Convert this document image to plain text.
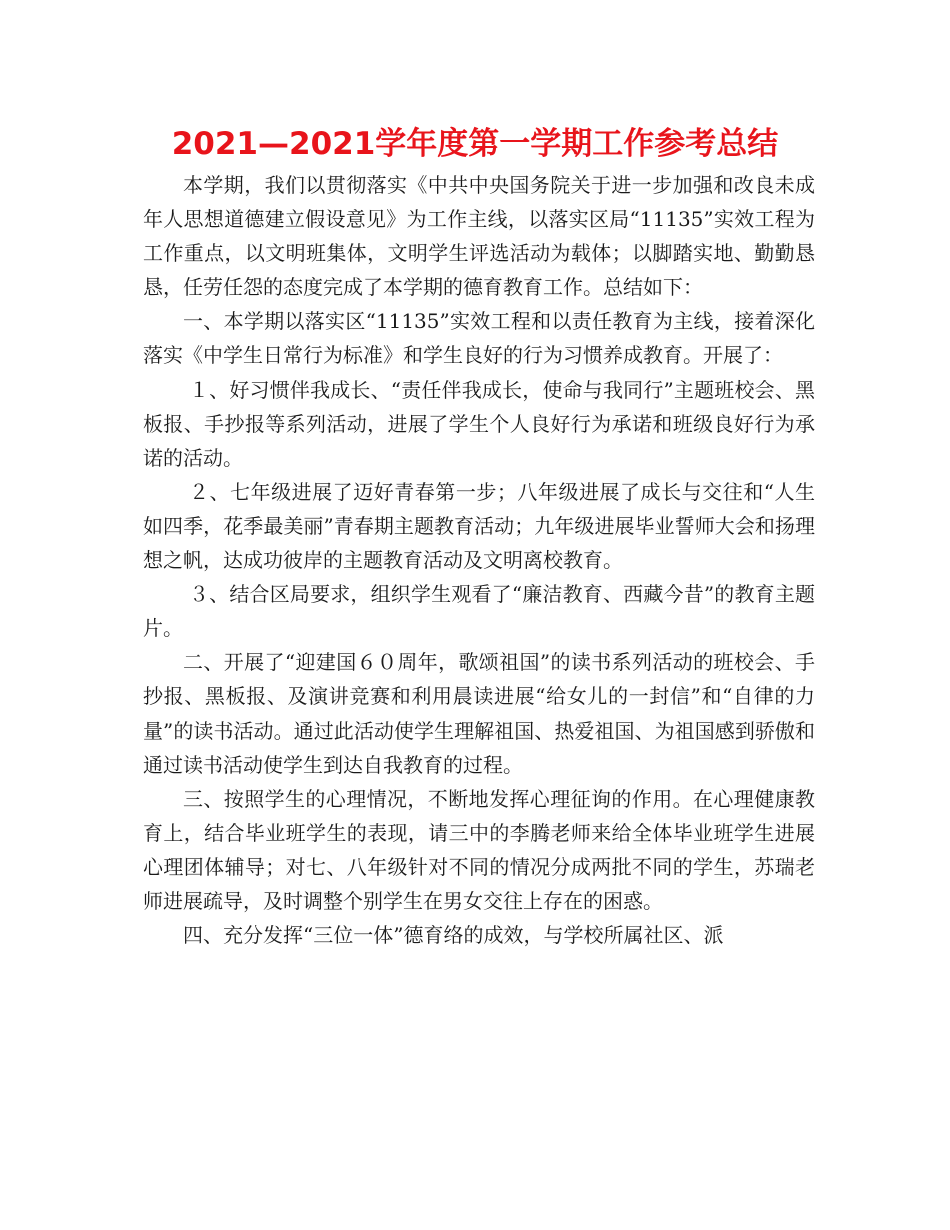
2021—2021学年度第一学期工作参考总结

本学期，我们以贯彻落实《中共中央国务院关于进一步加强和改良未成年人思想道德建立假设意见》为工作主线，以落实区局“11135”实效工程为工作重点，以文明班集体，文明学生评选活动为载体；以脚踏实地、勤勤恳恳，任劳任怨的态度完成了本学期的德育教育工作。总结如下：

一、本学期以落实区“11135”实效工程和以责任教育为主线，接着深化落实《中学生日常行为标准》和学生良好的行为习惯养成教育。开展了：

１、好习惯伴我成长、“责任伴我成长，使命与我同行”主题班校会、黑板报、手抄报等系列活动，进展了学生个人良好行为承诺和班级良好行为承诺的活动。

２、七年级进展了迈好青春第一步；八年级进展了成长与交往和“人生如四季，花季最美丽”青春期主题教育活动；九年级进展毕业誓师大会和扬理想之帆，达成功彼岸的主题教育活动及文明离校教育。

３、结合区局要求，组织学生观看了“廉洁教育、西藏今昔”的教育主题片。

二、开展了“迎建国６０周年，歌颂祖国”的读书系列活动的班校会、手抄报、黑板报、及演讲竞赛和利用晨读进展“给女儿的一封信”和“自律的力量”的读书活动。通过此活动使学生理解祖国、热爱祖国、为祖国感到骄傲和通过读书活动使学生到达自我教育的过程。

三、按照学生的心理情况，不断地发挥心理征询的作用。在心理健康教育上，结合毕业班学生的表现，请三中的李腾老师来给全体毕业班学生进展心理团体辅导；对七、八年级针对不同的情况分成两批不同的学生，苏瑞老师进展疏导，及时调整个别学生在男女交往上存在的困惑。

四、充分发挥“三位一体”德育络的成效，与学校所属社区、派
